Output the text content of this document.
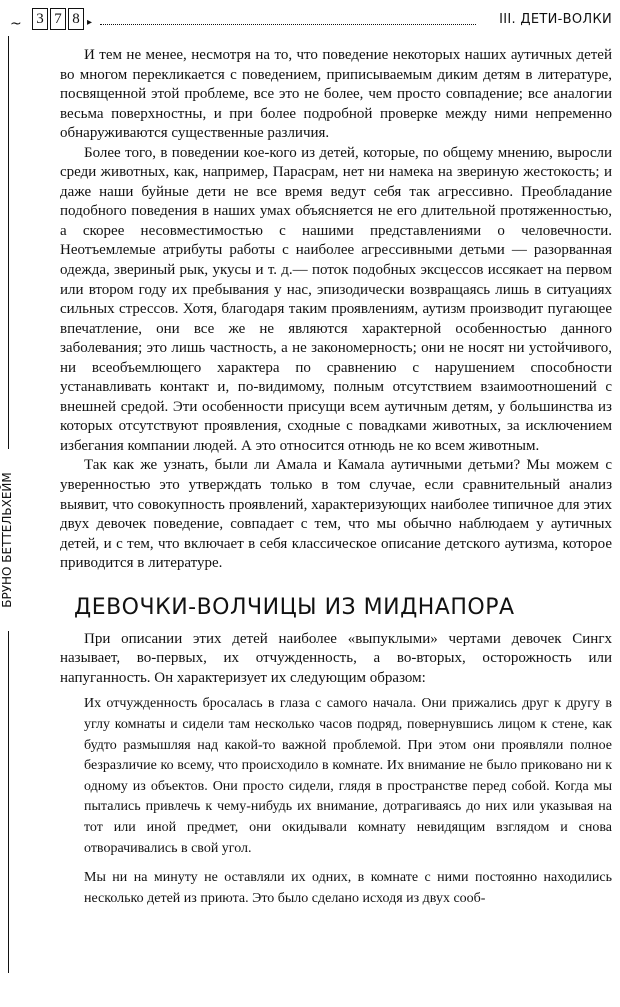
~ 3 7 8 ▸	III. ДЕТИ-ВОЛКИ
БРУНО БЕТТЕЛЬХЕЙМ

И тем не менее, несмотря на то, что поведение некоторых наших аутичных детей во многом перекликается с поведением, приписываемым диким детям в литературе, посвященной этой проблеме, все это не более, чем просто совпадение; все аналогии весьма поверхностны, и при более подробной проверке между ними непременно обнаруживаются существенные различия.

Более того, в поведении кое-кого из детей, которые, по общему мнению, выросли среди животных, как, например, Парасрам, нет ни намека на звериную жестокость; и даже наши буйные дети не все время ведут себя так агрессивно. Преобладание подобного поведения в наших умах объясняется не его длительной протяженностью, а скорее несовместимостью с нашими представлениями о человечности. Неотъемлемые атрибуты работы с наиболее агрессивными детьми — разорванная одежда, звериный рык, укусы и т. д.— поток подобных эксцессов иссякает на первом или втором году их пребывания у нас, эпизодически возвращаясь лишь в ситуациях сильных стрессов. Хотя, благодаря таким проявлениям, аутизм производит пугающее впечатление, они все же не являются характерной особенностью данного заболевания; это лишь частность, а не закономерность; они не носят ни устойчивого, ни всеобъемлющего характера по сравнению с нарушением способности устанавливать контакт и, по-видимому, полным отсутствием взаимоотношений с внешней средой. Эти особенности присущи всем аутичным детям, у большинства из которых отсутствуют проявления, сходные с повадками животных, за исключением избегания компании людей. А это относится отнюдь не ко всем животным.

Так как же узнать, были ли Амала и Камала аутичными детьми? Мы можем с уверенностью это утверждать только в том случае, если сравнительный анализ выявит, что совокупность проявлений, характеризующих наиболее типичное для этих двух девочек поведение, совпадает с тем, что мы обычно наблюдаем у аутичных детей, и с тем, что включает в себя классическое описание детского аутизма, которое приводится в литературе.

ДЕВОЧКИ-ВОЛЧИЦЫ ИЗ МИДНАПОРА

При описании этих детей наиболее «выпуклыми» чертами девочек Сингх называет, во-первых, их отчужденность, а во-вторых, осторожность или напуганность. Он характеризует их следующим образом:

Их отчужденность бросалась в глаза с самого начала. Они прижались друг к другу в углу комнаты и сидели там несколько часов подряд, повернувшись лицом к стене, как будто размышляя над какой-то важной проблемой. При этом они проявляли полное безразличие ко всему, что происходило в комнате. Их внимание не было приковано ни к одному из объектов. Они просто сидели, глядя в пространстве перед собой. Когда мы пытались привлечь к чему-нибудь их внимание, дотрагиваясь до них или указывая на тот или иной предмет, они окидывали комнату невидящим взглядом и снова отворачивались в свой угол.

Мы ни на минуту не оставляли их одних, в комнате с ними постоянно находились несколько детей из приюта. Это было сделано исходя из двух сооб-
